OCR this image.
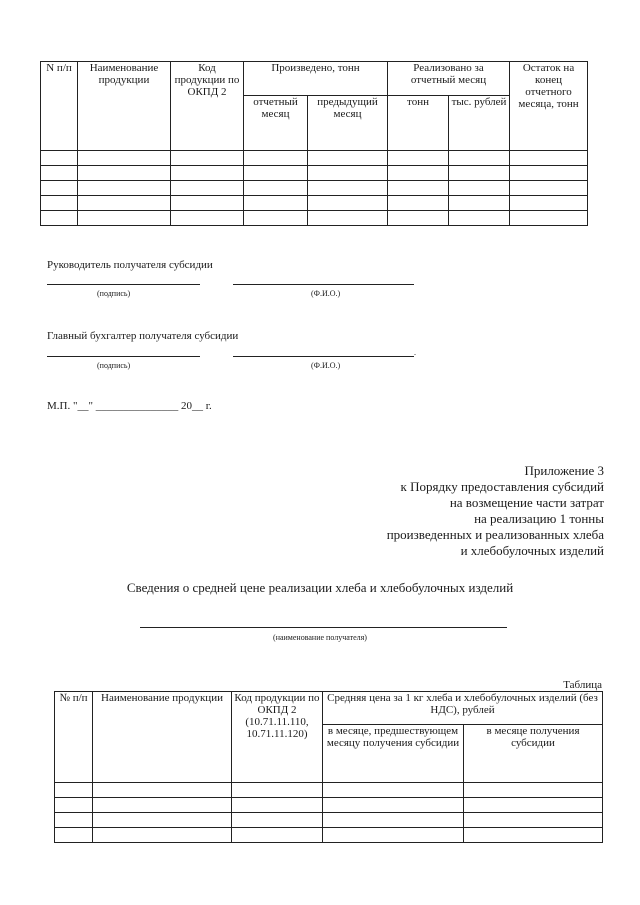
N п/п	Наименование продукции	Код продукции по ОКПД 2	Произведено, тонн		Реализовано за отчетный месяц		Остаток на конец отчетного месяца, тонн
			отчетный месяц	предыдущий месяц	тонн	тыс. рублей	

Руководитель получателя субсидии
(подпись)	(Ф.И.О.)
Главный бухгалтер получателя субсидии
.
(подпись)	(Ф.И.О.)
М.П. "__" _______________ 20__ г.
Приложение 3
к Порядку предоставления субсидий
на возмещение части затрат
на реализацию 1 тонны
произведенных и реализованных хлеба
и хлебобулочных изделий
Сведения о средней цене реализации хлеба и хлебобулочных изделий
(наименование получателя)
Таблица
№ п/п	Наименование продукции	Код продукции по ОКПД 2 (10.71.11.110, 10.71.11.120)	Средняя цена за 1 кг хлеба и хлебобулочных изделий (без НДС), рублей	
			в месяце, предшествующем месяцу получения субсидии	в месяце получения субсидии
